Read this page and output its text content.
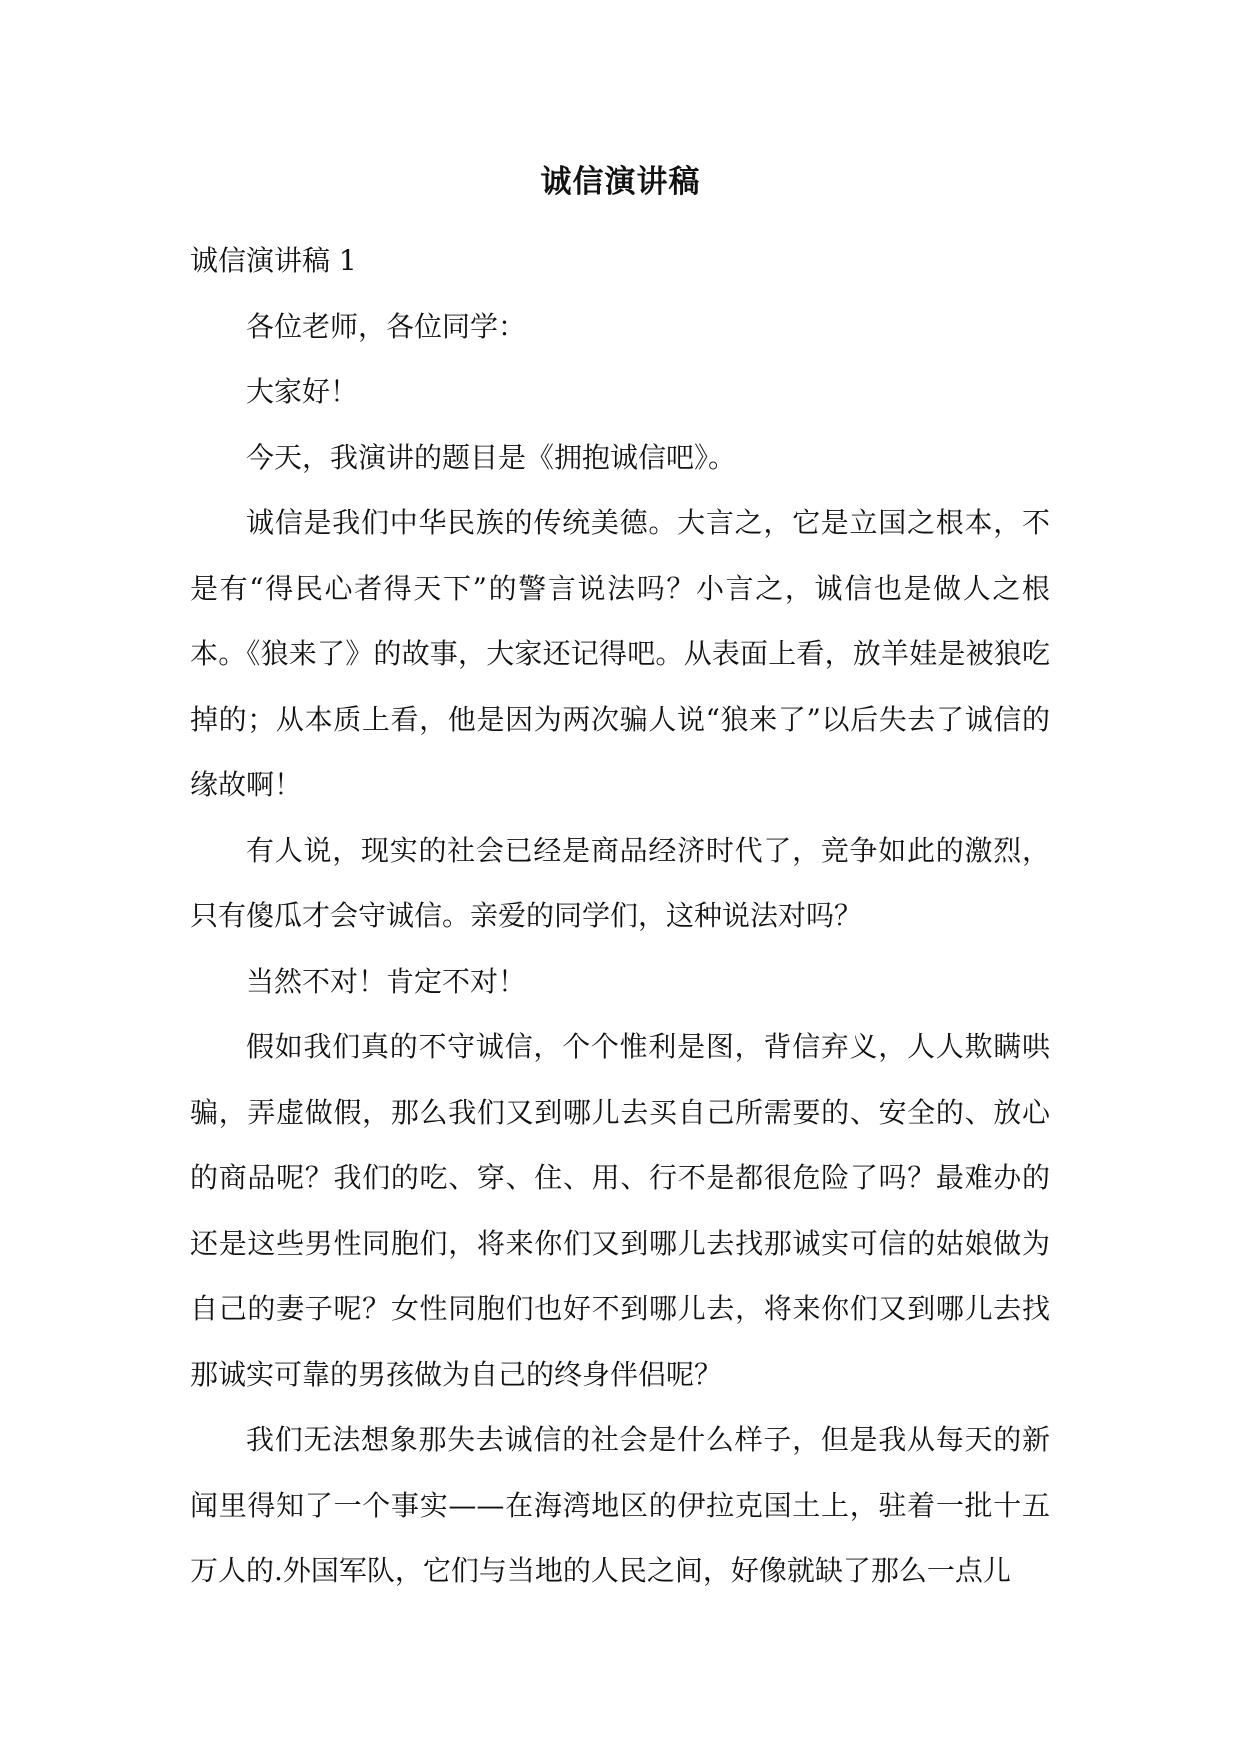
诚信演讲稿

诚信演讲稿 1

各位老师，各位同学：

大家好！

今天，我演讲的题目是《拥抱诚信吧》。

诚信是我们中华民族的传统美德。大言之，它是立国之根本，不是有“得民心者得天下”的警言说法吗？小言之，诚信也是做人之根本。《狼来了》的故事，大家还记得吧。从表面上看，放羊娃是被狼吃掉的；从本质上看，他是因为两次骗人说“狼来了”以后失去了诚信的缘故啊！

有人说，现实的社会已经是商品经济时代了，竞争如此的激烈，只有傻瓜才会守诚信。亲爱的同学们，这种说法对吗？

当然不对！肯定不对！

假如我们真的不守诚信，个个惟利是图，背信弃义，人人欺瞒哄骗，弄虚做假，那么我们又到哪儿去买自己所需要的、安全的、放心的商品呢？我们的吃、穿、住、用、行不是都很危险了吗？最难办的还是这些男性同胞们，将来你们又到哪儿去找那诚实可信的姑娘做为自己的妻子呢？女性同胞们也好不到哪儿去，将来你们又到哪儿去找那诚实可靠的男孩做为自己的终身伴侣呢？

我们无法想象那失去诚信的社会是什么样子，但是我从每天的新闻里得知了一个事实——在海湾地区的伊拉克国土上，驻着一批十五万人的.外国军队，它们与当地的人民之间，好像就缺了那么一点儿
